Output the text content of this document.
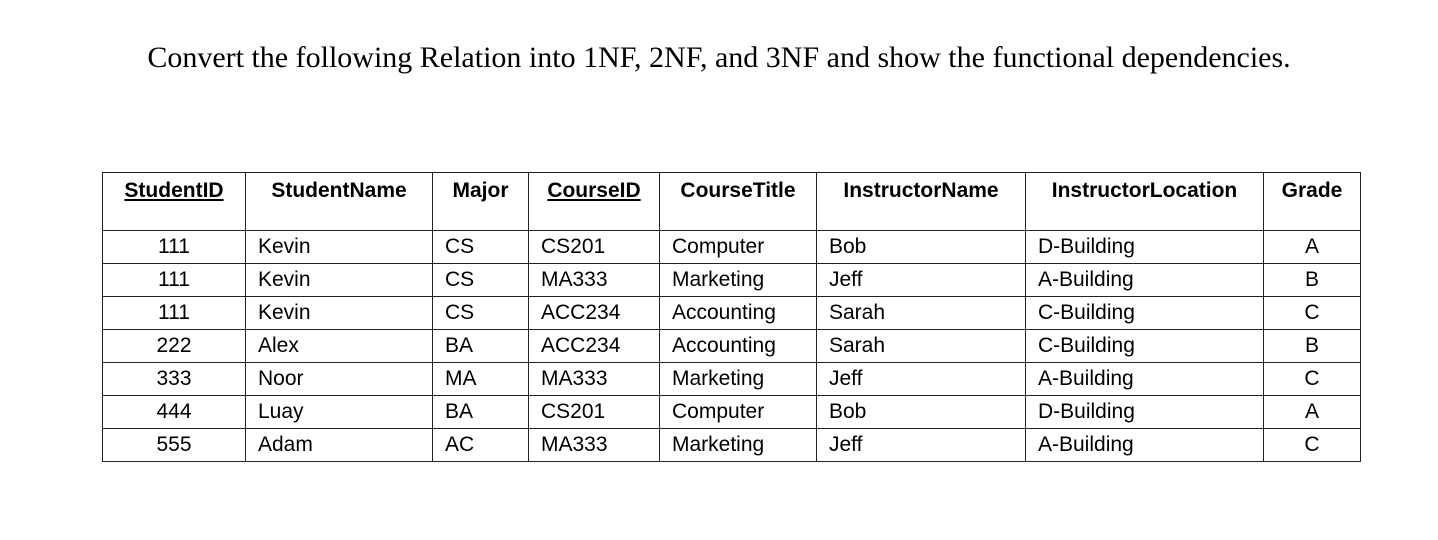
Convert the following Relation into 1NF, 2NF, and 3NF and show the functional dependencies.
StudentID	StudentName	Major	CourseID	CourseTitle	InstructorName	InstructorLocation	Grade
111	Kevin	CS	CS201	Computer	Bob	D-Building	A
111	Kevin	CS	MA333	Marketing	Jeff	A-Building	B
111	Kevin	CS	ACC234	Accounting	Sarah	C-Building	C
222	Alex	BA	ACC234	Accounting	Sarah	C-Building	B
333	Noor	MA	MA333	Marketing	Jeff	A-Building	C
444	Luay	BA	CS201	Computer	Bob	D-Building	A
555	Adam	AC	MA333	Marketing	Jeff	A-Building	C
